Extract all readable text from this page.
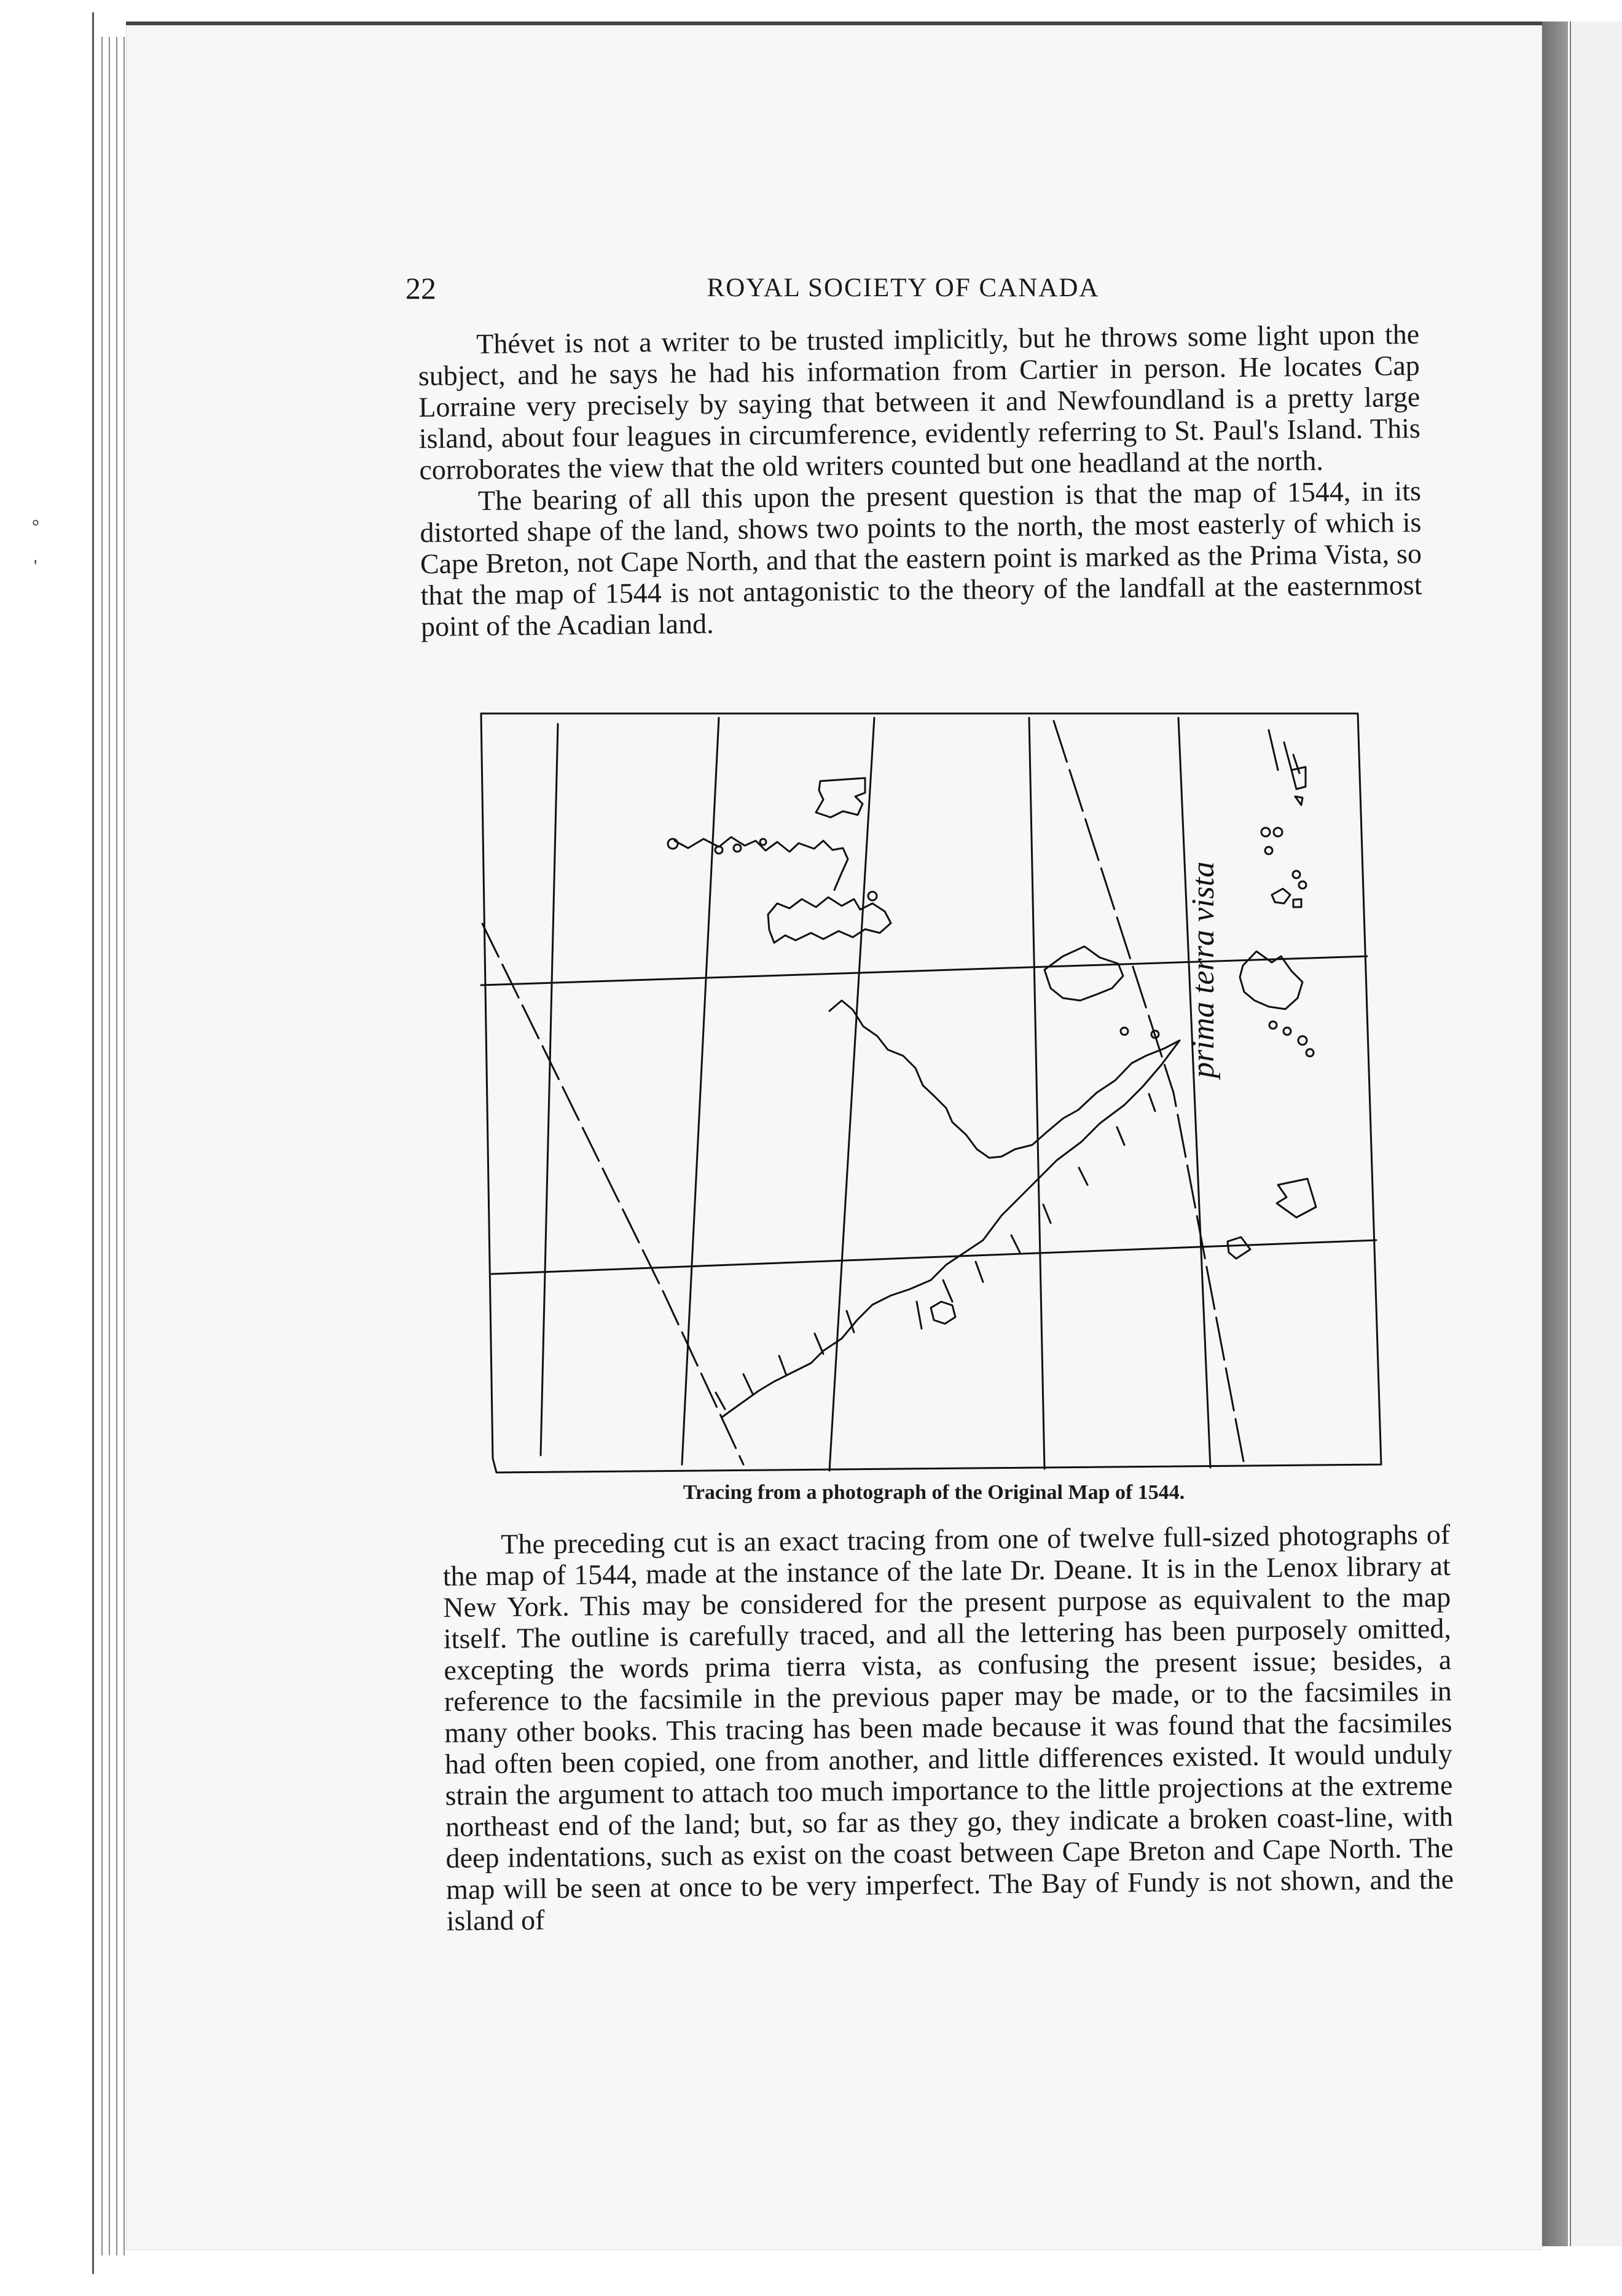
°
'
22	ROYAL SOCIETY OF CANADA

Thévet is not a writer to be trusted implicitly, but he throws some light upon the subject, and he says he had his information from Cartier in person. He locates Cap Lorraine very precisely by saying that between it and Newfoundland is a pretty large island, about four leagues in circumference, evidently referring to St. Paul's Island. This corroborates the view that the old writers counted but one headland at the north.

The bearing of all this upon the present question is that the map of 1544, in its distorted shape of the land, shows two points to the north, the most easterly of which is Cape Breton, not Cape North, and that the eastern point is marked as the Prima Vista, so that the map of 1544 is not antagonistic to the theory of the landfall at the easternmost point of the Acadian land.

prima terra vista
Tracing from a photograph of the Original Map of 1544.

The preceding cut is an exact tracing from one of twelve full-sized photographs of the map of 1544, made at the instance of the late Dr. Deane. It is in the Lenox library at New York. This may be considered for the present purpose as equivalent to the map itself. The outline is carefully traced, and all the lettering has been purposely omitted, excepting the words prima tierra vista, as confusing the present issue; besides, a reference to the facsimile in the previous paper may be made, or to the facsimiles in many other books. This tracing has been made because it was found that the facsimiles had often been copied, one from another, and little differences existed. It would unduly strain the argument to attach too much importance to the little projections at the extreme northeast end of the land; but, so far as they go, they indicate a broken coast-line, with deep indentations, such as exist on the coast between Cape Breton and Cape North. The map will be seen at once to be very imperfect. The Bay of Fundy is not shown, and the island of
